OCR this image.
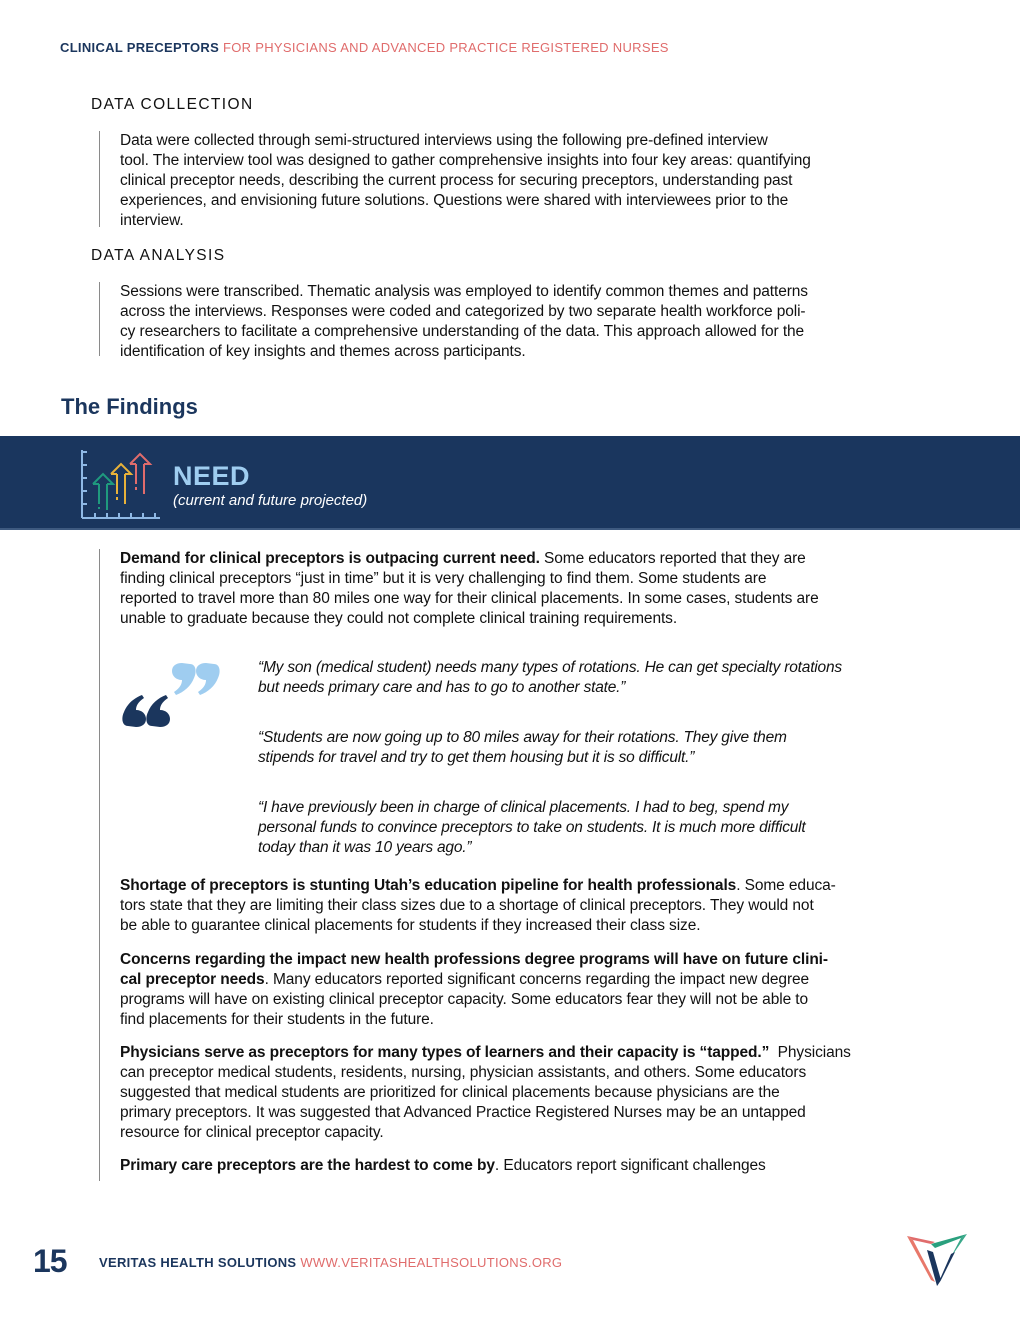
CLINICAL PRECEPTORS FOR PHYSICIANS AND ADVANCED PRACTICE REGISTERED NURSES
DATA COLLECTION
Data were collected through semi-structured interviews using the following pre-defined interview
tool. The interview tool was designed to gather comprehensive insights into four key areas: quantifying
clinical preceptor needs, describing the current process for securing preceptors, understanding past
experiences, and envisioning future solutions. Questions were shared with interviewees prior to the
interview.
DATA ANALYSIS
Sessions were transcribed. Thematic analysis was employed to identify common themes and patterns
across the interviews. Responses were coded and categorized by two separate health workforce poli-
cy researchers to facilitate a comprehensive understanding of the data. This approach allowed for the
identification of key insights and themes across participants.
The Findings
NEED
(current and future projected)
Demand for clinical preceptors is outpacing current need. Some educators reported that they are
finding clinical preceptors “just in time” but it is very challenging to find them. Some students are
reported to travel more than 80 miles one way for their clinical placements. In some cases, students are
unable to graduate because they could not complete clinical training requirements.
“My son (medical student) needs many types of rotations. He can get specialty rotations
but needs primary care and has to go to another state.”
“Students are now going up to 80 miles away for their rotations. They give them
stipends for travel and try to get them housing but it is so difficult.”
“I have previously been in charge of clinical placements. I had to beg, spend my
personal funds to convince preceptors to take on students. It is much more difficult
today than it was 10 years ago.”
Shortage of preceptors is stunting Utah’s education pipeline for health professionals. Some educa-
tors state that they are limiting their class sizes due to a shortage of clinical preceptors. They would not
be able to guarantee clinical placements for students if they increased their class size.
Concerns regarding the impact new health professions degree programs will have on future clini-
cal preceptor needs. Many educators reported significant concerns regarding the impact new degree
programs will have on existing clinical preceptor capacity. Some educators fear they will not be able to
find placements for their students in the future.
Physicians serve as preceptors for many types of learners and their capacity is “tapped.”  Physicians
can preceptor medical students, residents, nursing, physician assistants, and others. Some educators
suggested that medical students are prioritized for clinical placements because physicians are the
primary preceptors. It was suggested that Advanced Practice Registered Nurses may be an untapped
resource for clinical preceptor capacity.
Primary care preceptors are the hardest to come by. Educators report significant challenges
15 VERITAS HEALTH SOLUTIONS WWW.VERITASHEALTHSOLUTIONS.ORG
